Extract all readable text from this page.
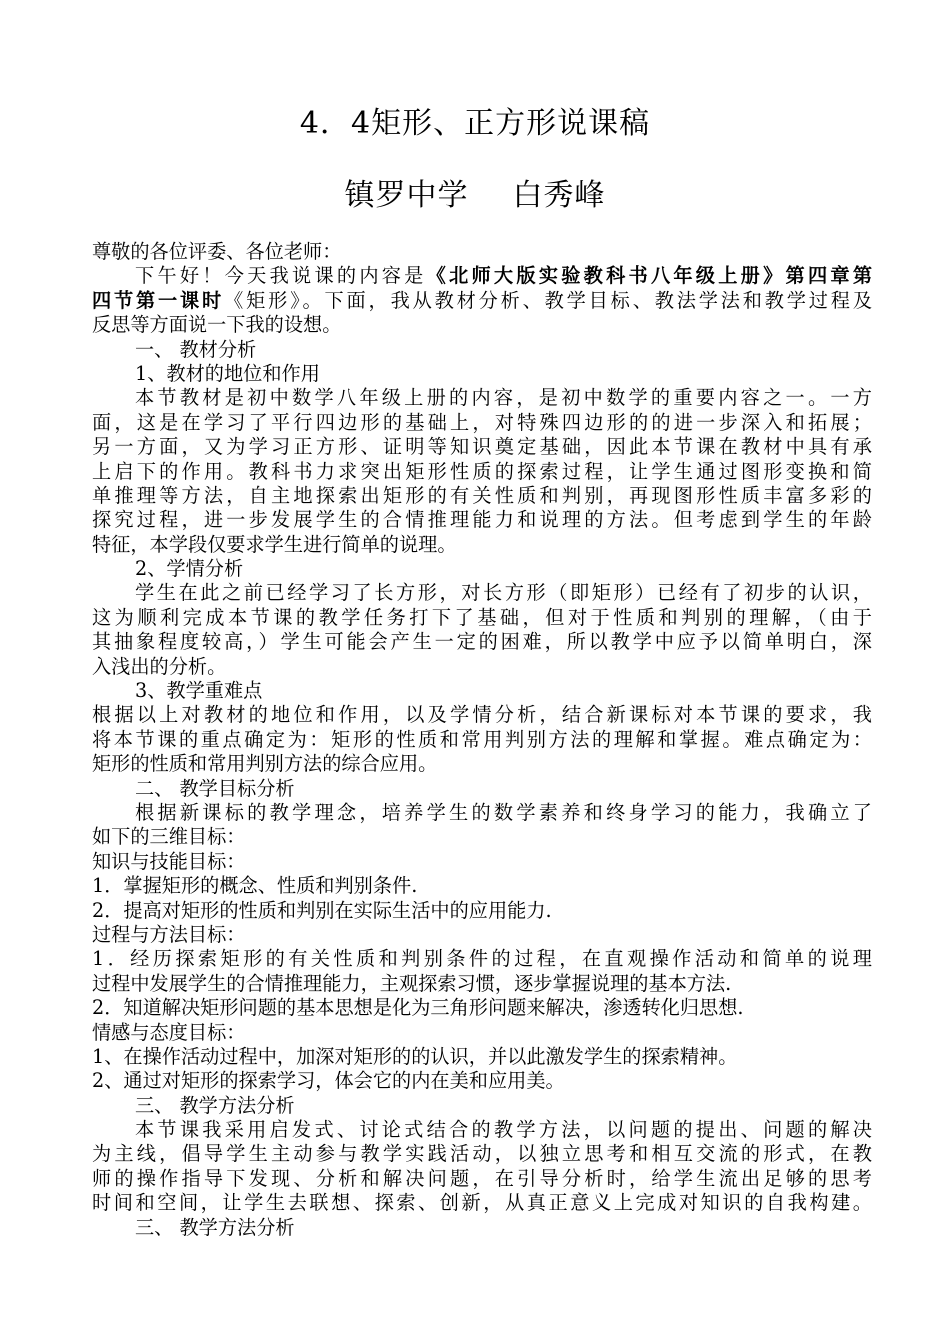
4．4矩形、正方形说课稿
镇罗中学 白秀峰
尊敬的各位评委、各位老师：
下午好！今天我说课的内容是《北师大版实验教科书八年级上册》第四章第
四节第一课时《矩形》。下面，我从教材分析、教学目标、教法学法和教学过程及
反思等方面说一下我的设想。
一、 教材分析
1、教材的地位和作用
本节教材是初中数学八年级上册的内容，是初中数学的重要内容之一。一方
面，这是在学习了平行四边形的基础上，对特殊四边形的的进一步深入和拓展；
另一方面，又为学习正方形、证明等知识奠定基础，因此本节课在教材中具有承
上启下的作用。教科书力求突出矩形性质的探索过程，让学生通过图形变换和简
单推理等方法，自主地探索出矩形的有关性质和判别，再现图形性质丰富多彩的
探究过程，进一步发展学生的合情推理能力和说理的方法。但考虑到学生的年龄
特征，本学段仅要求学生进行简单的说理。
2、学情分析
学生在此之前已经学习了长方形，对长方形（即矩形）已经有了初步的认识，
这为顺利完成本节课的教学任务打下了基础，但对于性质和判别的理解，（由于
其抽象程度较高，）学生可能会产生一定的困难，所以教学中应予以简单明白，深
入浅出的分析。
3、教学重难点
根据以上对教材的地位和作用，以及学情分析，结合新课标对本节课的要求，我
将本节课的重点确定为：矩形的性质和常用判别方法的理解和掌握。难点确定为：
矩形的性质和常用判别方法的综合应用。
二、 教学目标分析
根据新课标的教学理念，培养学生的数学素养和终身学习的能力，我确立了
如下的三维目标：
知识与技能目标：
1．掌握矩形的概念、性质和判别条件.
2．提高对矩形的性质和判别在实际生活中的应用能力.
过程与方法目标：
1．经历探索矩形的有关性质和判别条件的过程，在直观操作活动和简单的说理
过程中发展学生的合情推理能力，主观探索习惯，逐步掌握说理的基本方法.
2．知道解决矩形问题的基本思想是化为三角形问题来解决，渗透转化归思想.
情感与态度目标：
1、在操作活动过程中，加深对矩形的的认识，并以此激发学生的探索精神。
2、通过对矩形的探索学习，体会它的内在美和应用美。
三、 教学方法分析
本节课我采用启发式、讨论式结合的教学方法，以问题的提出、问题的解决
为主线，倡导学生主动参与教学实践活动，以独立思考和相互交流的形式，在教
师的操作指导下发现、分析和解决问题，在引导分析时，给学生流出足够的思考
时间和空间，让学生去联想、探索、创新，从真正意义上完成对知识的自我构建。
三、 教学方法分析
